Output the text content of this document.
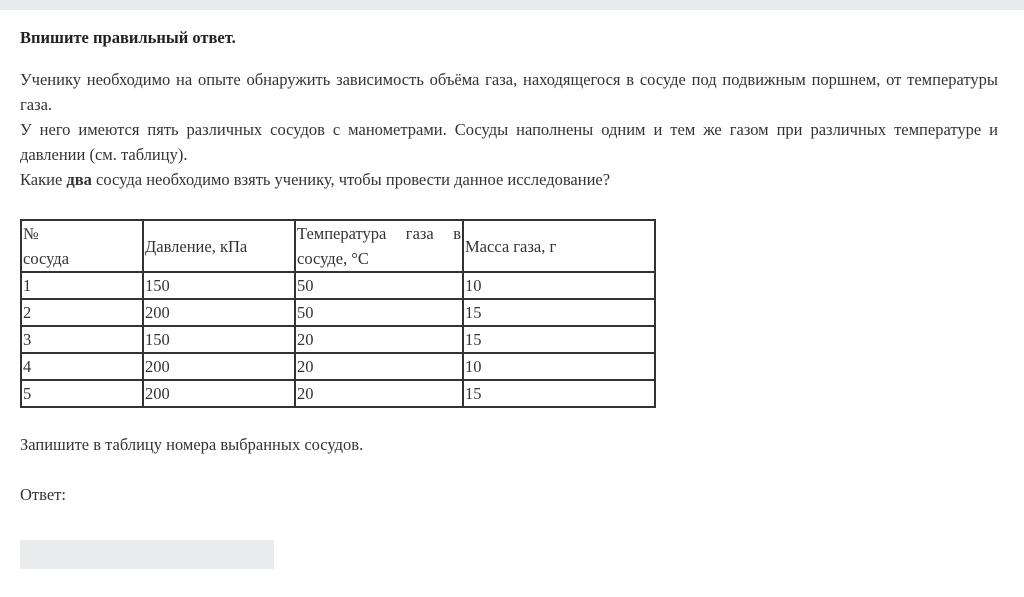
Впишите правильный ответ.

Ученику необходимо на опыте обнаружить зависимость объёма газа, находящегося в сосуде под подвижным поршнем, от температуры газа.

У него имеются пять различных сосудов с манометрами. Сосуды наполнены одним и тем же газом при различных температуре и давлении (см. таблицу).

Какие два сосуда необходимо взять ученику, чтобы провести данное исследование?

№ сосуда	Давление, кПа	Температура газа в сосуде, °С	Масса газа, г
1	150	50	10
2	200	50	15
3	150	20	15
4	200	20	10
5	200	20	15

Запишите в таблицу номера выбранных сосудов.

Ответ:
